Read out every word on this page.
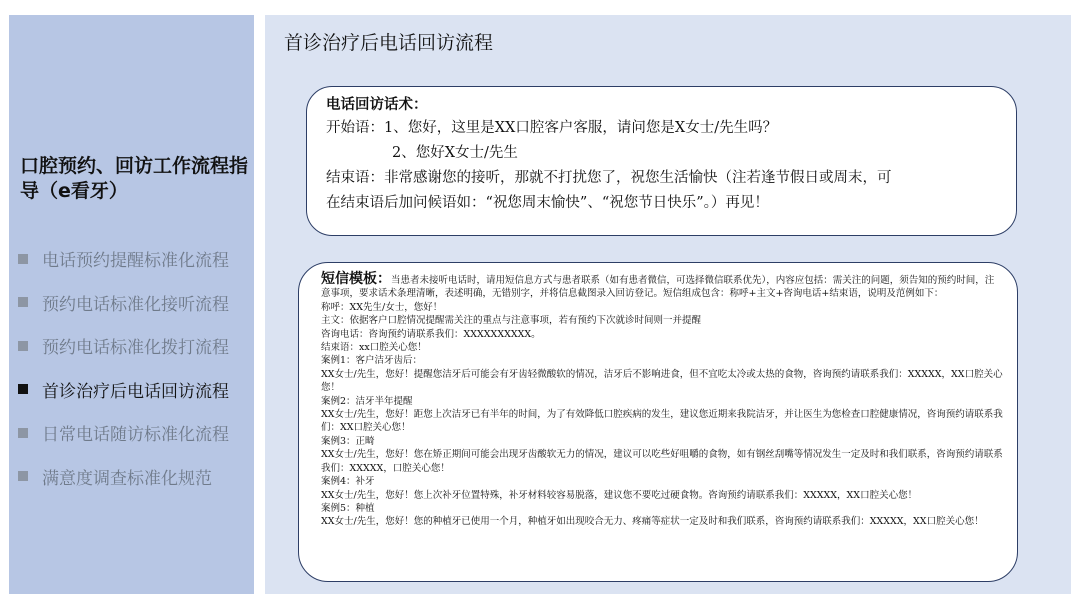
口腔预约、回访工作流程指导（e看牙）
电话预约提醒标准化流程
预约电话标准化接听流程
预约电话标准化拨打流程
首诊治疗后电话回访流程
日常电话随访标准化流程
满意度调查标准化规范
首诊治疗后电话回访流程
电话回访话术：
开始语：1、您好，这里是XX口腔客户客服，请问您是X女士/先生吗？
2、您好X女士/先生
结束语：非常感谢您的接听，那就不打扰您了，祝您生活愉快（注若逢节假日或周末，可
在结束语后加问候语如：“祝您周末愉快”、“祝您节日快乐”。）再见！
短信模板：当患者未接听电话时，请用短信息方式与患者联系（如有患者微信，可选择微信联系优先），内容应包括：需关注的问题，须告知的预约时间，注意事项，要求话术条理清晰，表述明确，无错别字，并将信息截图录入回访登记。短信组成包含：称呼+主文+咨询电话+结束语，说明及范例如下：
称呼：XX先生/女士，您好！
主文：依据客户口腔情况提醒需关注的重点与注意事项，若有预约下次就诊时间则一并提醒
咨询电话：咨询预约请联系我们：XXXXXXXXXX。
结束语：xx口腔关心您！
案例1：客户洁牙齿后：
XX女士/先生，您好！提醒您洁牙后可能会有牙齿轻微酸软的情况，洁牙后不影响进食，但不宜吃太冷或太热的食物，咨询预约请联系我们：XXXXX，XX口腔关心您！
案例2：洁牙半年提醒
XX女士/先生，您好！距您上次洁牙已有半年的时间，为了有效降低口腔疾病的发生，建议您近期来我院洁牙，并让医生为您检查口腔健康情况，咨询预约请联系我们：XX口腔关心您！
案例3：正畸
XX女士/先生，您好！您在矫正期间可能会出现牙齿酸软无力的情况，建议可以吃些好咀嚼的食物，如有钢丝刮嘴等情况发生一定及时和我们联系，咨询预约请联系我们：XXXXX，口腔关心您！
案例4：补牙
XX女士/先生，您好！您上次补牙位置特殊，补牙材料较容易脱落，建议您不要吃过硬食物。咨询预约请联系我们：XXXXX，XX口腔关心您！
案例5：种植
XX女士/先生，您好！您的种植牙已使用一个月，种植牙如出现咬合无力、疼痛等症状一定及时和我们联系，咨询预约请联系我们：XXXXX，XX口腔关心您！
